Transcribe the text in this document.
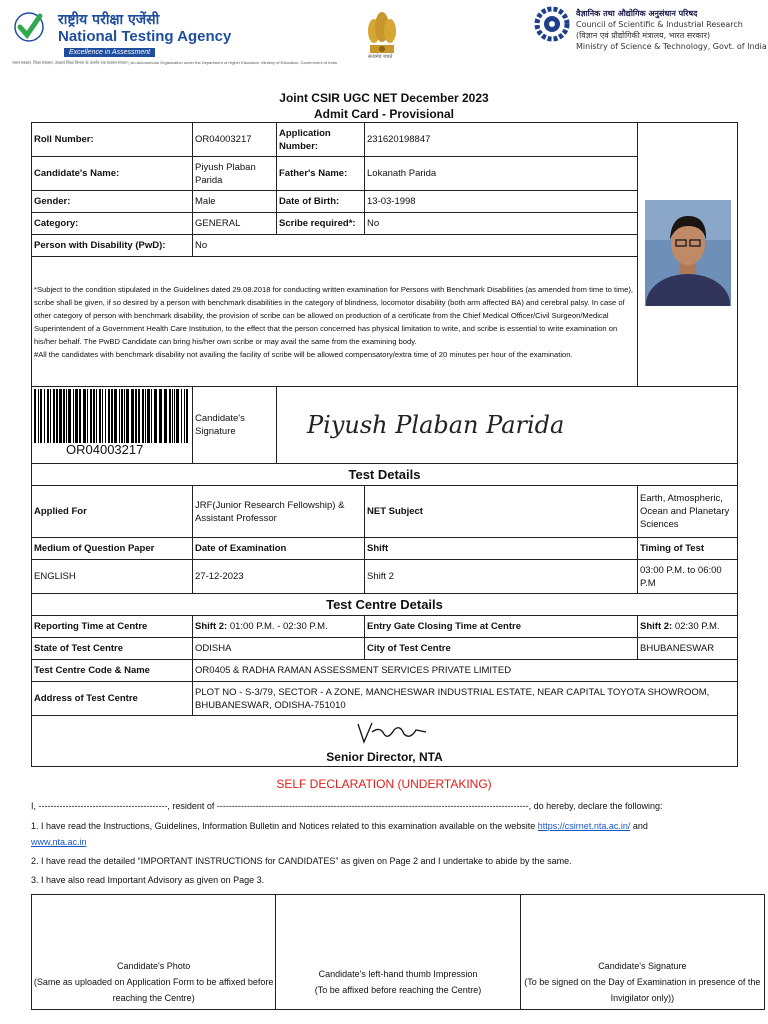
राष्ट्रीय परीक्षा एजेंसी
National Testing Agency
Excellence in Assessment
भारत सरकार, शिक्षा मंत्रालय, उच्चतर शिक्षा विभाग के अंतर्गत एक स्वायत्त संगठन | An Autonomous Organization under the Department of Higher Education, Ministry of Education, Government of India
सत्यमेव जयते
वैज्ञानिक तथा औद्योगिक अनुसंधान परिषद
Council of Scientific & Industrial Research
(विज्ञान एवं प्रौद्योगिकी मंत्रालय, भारत सरकार)
Ministry of Science & Technology, Govt. of India
Joint CSIR UGC NET December 2023
Admit Card - Provisional
Roll Number:	OR04003217	Application Number:	231620198847	
Candidate's Name:	Piyush Plaban Parida	Father's Name:	Lokanath Parida	
Gender:	Male	Date of Birth:	13-03-1998	
Category:	GENERAL	Scribe required*:	No	
Person with Disability (PwD):	No			

*Subject to the condition stipulated in the Guidelines dated 29.08.2018 for conducting written examination for Persons with Benchmark Disabilities (as amended from time to time), scribe shall be given, if so desired by a person with benchmark disabilities in the category of blindness, locomotor disability (both arm affected BA) and cerebral palsy. In case of other category of person with benchmark disability, the provision of scribe can be allowed on production of a certificate from the Chief Medical Officer/Civil Surgeon/Medical Superintendent of a Government Health Care Institution, to the effect that the person concerned has physical limitation to write, and scribe is essential to write examination on his/her behalf. The PwBD Candidate can bring his/her own scribe or may avail the same from the examining body.
#All the candidates with benchmark disability not availing the facility of scribe will be allowed compensatory/extra time of 20 minutes per hour of the examination.				

OR04003217	Candidate's Signature	Piyush Plaban Parida		
Test Details				
Applied For	JRF(Junior Research Fellowship) & Assistant Professor		NET Subject	Earth, Atmospheric, Ocean and Planetary Sciences
Medium of Question Paper	Date of Examination		Shift	Timing of Test
ENGLISH	27-12-2023		Shift 2	03:00 P.M. to 06:00 P.M
Test Centre Details				
Reporting Time at Centre	Shift 2: 01:00 P.M. - 02:30 P.M.		Entry Gate Closing Time at Centre	Shift 2: 02:30 P.M.
State of Test Centre	ODISHA		City of Test Centre	BHUBANESWAR
Test Centre Code & Name	OR0405 & RADHA RAMAN ASSESSMENT SERVICES PRIVATE LIMITED			
Address of Test Centre	PLOT NO - S-3/79, SECTOR - A ZONE, MANCHESWAR INDUSTRIAL ESTATE, NEAR CAPITAL TOYOTA SHOWROOM, BHUBANESWAR, ODISHA-751010			

Senior Director, NTA				
SELF DECLARATION (UNDERTAKING)
I, -------------------------------------------, resident of --------------------------------------------------------------------------------------------------------, do hereby, declare the following:
1. I have read the Instructions, Guidelines, Information Bulletin and Notices related to this examination available on the website https://csirnet.nta.ac.in/ and
www.nta.ac.in
2. I have read the detailed “IMPORTANT INSTRUCTIONS for CANDIDATES” as given on Page 2 and I undertake to abide by the same.
3. I have also read Important Advisory as given on Page 3.
Candidate's Photo
(Same as uploaded on Application Form to be affixed before reaching the Centre)

Candidate's left-hand thumb Impression
(To be affixed before reaching the Centre)

Candidate's Signature
(To be signed on the Day of Examination in presence of the Invigilator only))
